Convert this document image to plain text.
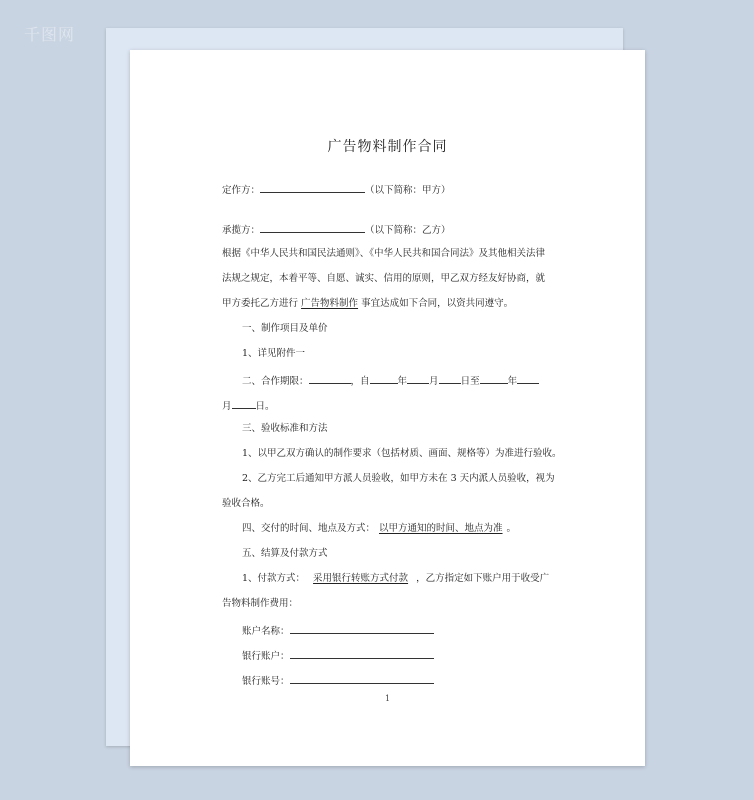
千图网
广告物料制作合同
定作方：	（以下简称：甲方）
承揽方：	（以下简称：乙方）
根据《中华人民共和国民法通则》、《中华人民共和国合同法》及其他相关法律
法规之规定，本着平等、自愿、诚实、信用的原则，甲乙双方经友好协商，就
甲方委托乙方进行 广告物料制作 事宜达成如下合同，以资共同遵守。
一、制作项目及单价
1、详见附件一
二、合作期限：	，自	年 月 日至	年
月	日。
三、验收标准和方法
1、以甲乙双方确认的制作要求（包括材质、画面、规格等）为准进行验收。
2、乙方完工后通知甲方派人员验收，如甲方未在 3 天内派人员验收，视为
验收合格。
四、交付的时间、地点及方式： 以甲方通知的时间、地点为准 。
五、结算及付款方式
1、付款方式： 采用银行转账方式付款 ，乙方指定如下账户用于收受广
告物料制作费用：
账户名称：
银行账户：
银行账号：
1
